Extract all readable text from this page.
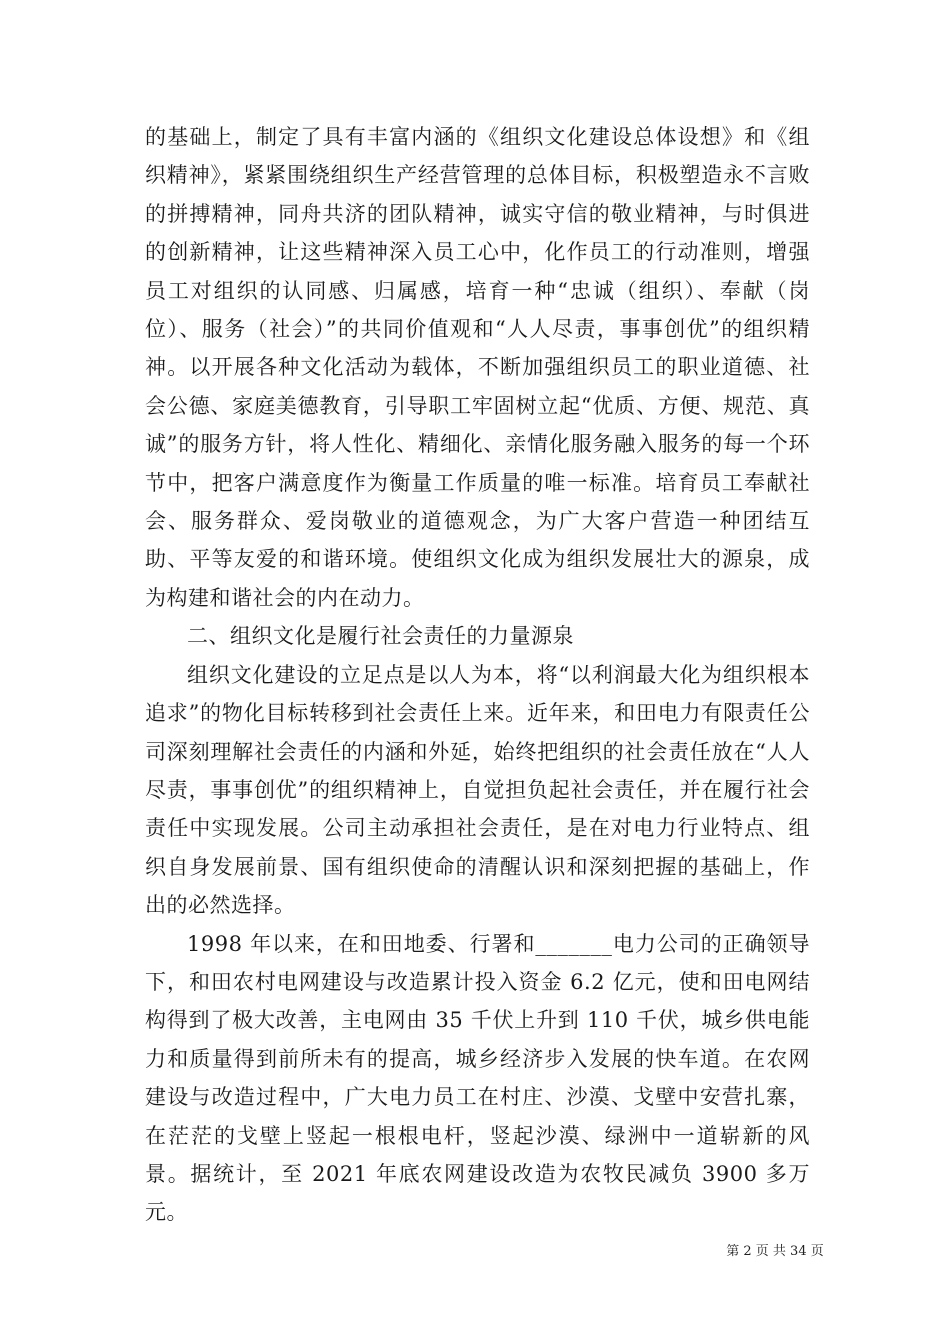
的基础上，制定了具有丰富内涵的《组织文化建设总体设想》和《组织精神》，紧紧围绕组织生产经营管理的总体目标，积极塑造永不言败的拼搏精神，同舟共济的团队精神，诚实守信的敬业精神，与时俱进的创新精神，让这些精神深入员工心中，化作员工的行动准则，增强员工对组织的认同感、归属感，培育一种“忠诚（组织）、奉献（岗位）、服务（社会）”的共同价值观和“人人尽责，事事创优”的组织精神。以开展各种文化活动为载体，不断加强组织员工的职业道德、社会公德、家庭美德教育，引导职工牢固树立起“优质、方便、规范、真诚”的服务方针，将人性化、精细化、亲情化服务融入服务的每一个环节中，把客户满意度作为衡量工作质量的唯一标准。培育员工奉献社会、服务群众、爱岗敬业的道德观念，为广大客户营造一种团结互助、平等友爱的和谐环境。使组织文化成为组织发展壮大的源泉，成为构建和谐社会的内在动力。

二、组织文化是履行社会责任的力量源泉

组织文化建设的立足点是以人为本，将“以利润最大化为组织根本追求”的物化目标转移到社会责任上来。近年来，和田电力有限责任公司深刻理解社会责任的内涵和外延，始终把组织的社会责任放在“人人尽责，事事创优”的组织精神上，自觉担负起社会责任，并在履行社会责任中实现发展。公司主动承担社会责任，是在对电力行业特点、组织自身发展前景、国有组织使命的清醒认识和深刻把握的基础上，作出的必然选择。

1998 年以来，在和田地委、行署和_______电力公司的正确领导下，和田农村电网建设与改造累计投入资金 6.2 亿元，使和田电网结构得到了极大改善，主电网由 35 千伏上升到 110 千伏，城乡供电能力和质量得到前所未有的提高，城乡经济步入发展的快车道。在农网建设与改造过程中，广大电力员工在村庄、沙漠、戈壁中安营扎寨，在茫茫的戈壁上竖起一根根电杆，竖起沙漠、绿洲中一道崭新的风景。据统计，至 2021 年底农网建设改造为农牧民减负 3900 多万元。

第 2 页 共 34 页
